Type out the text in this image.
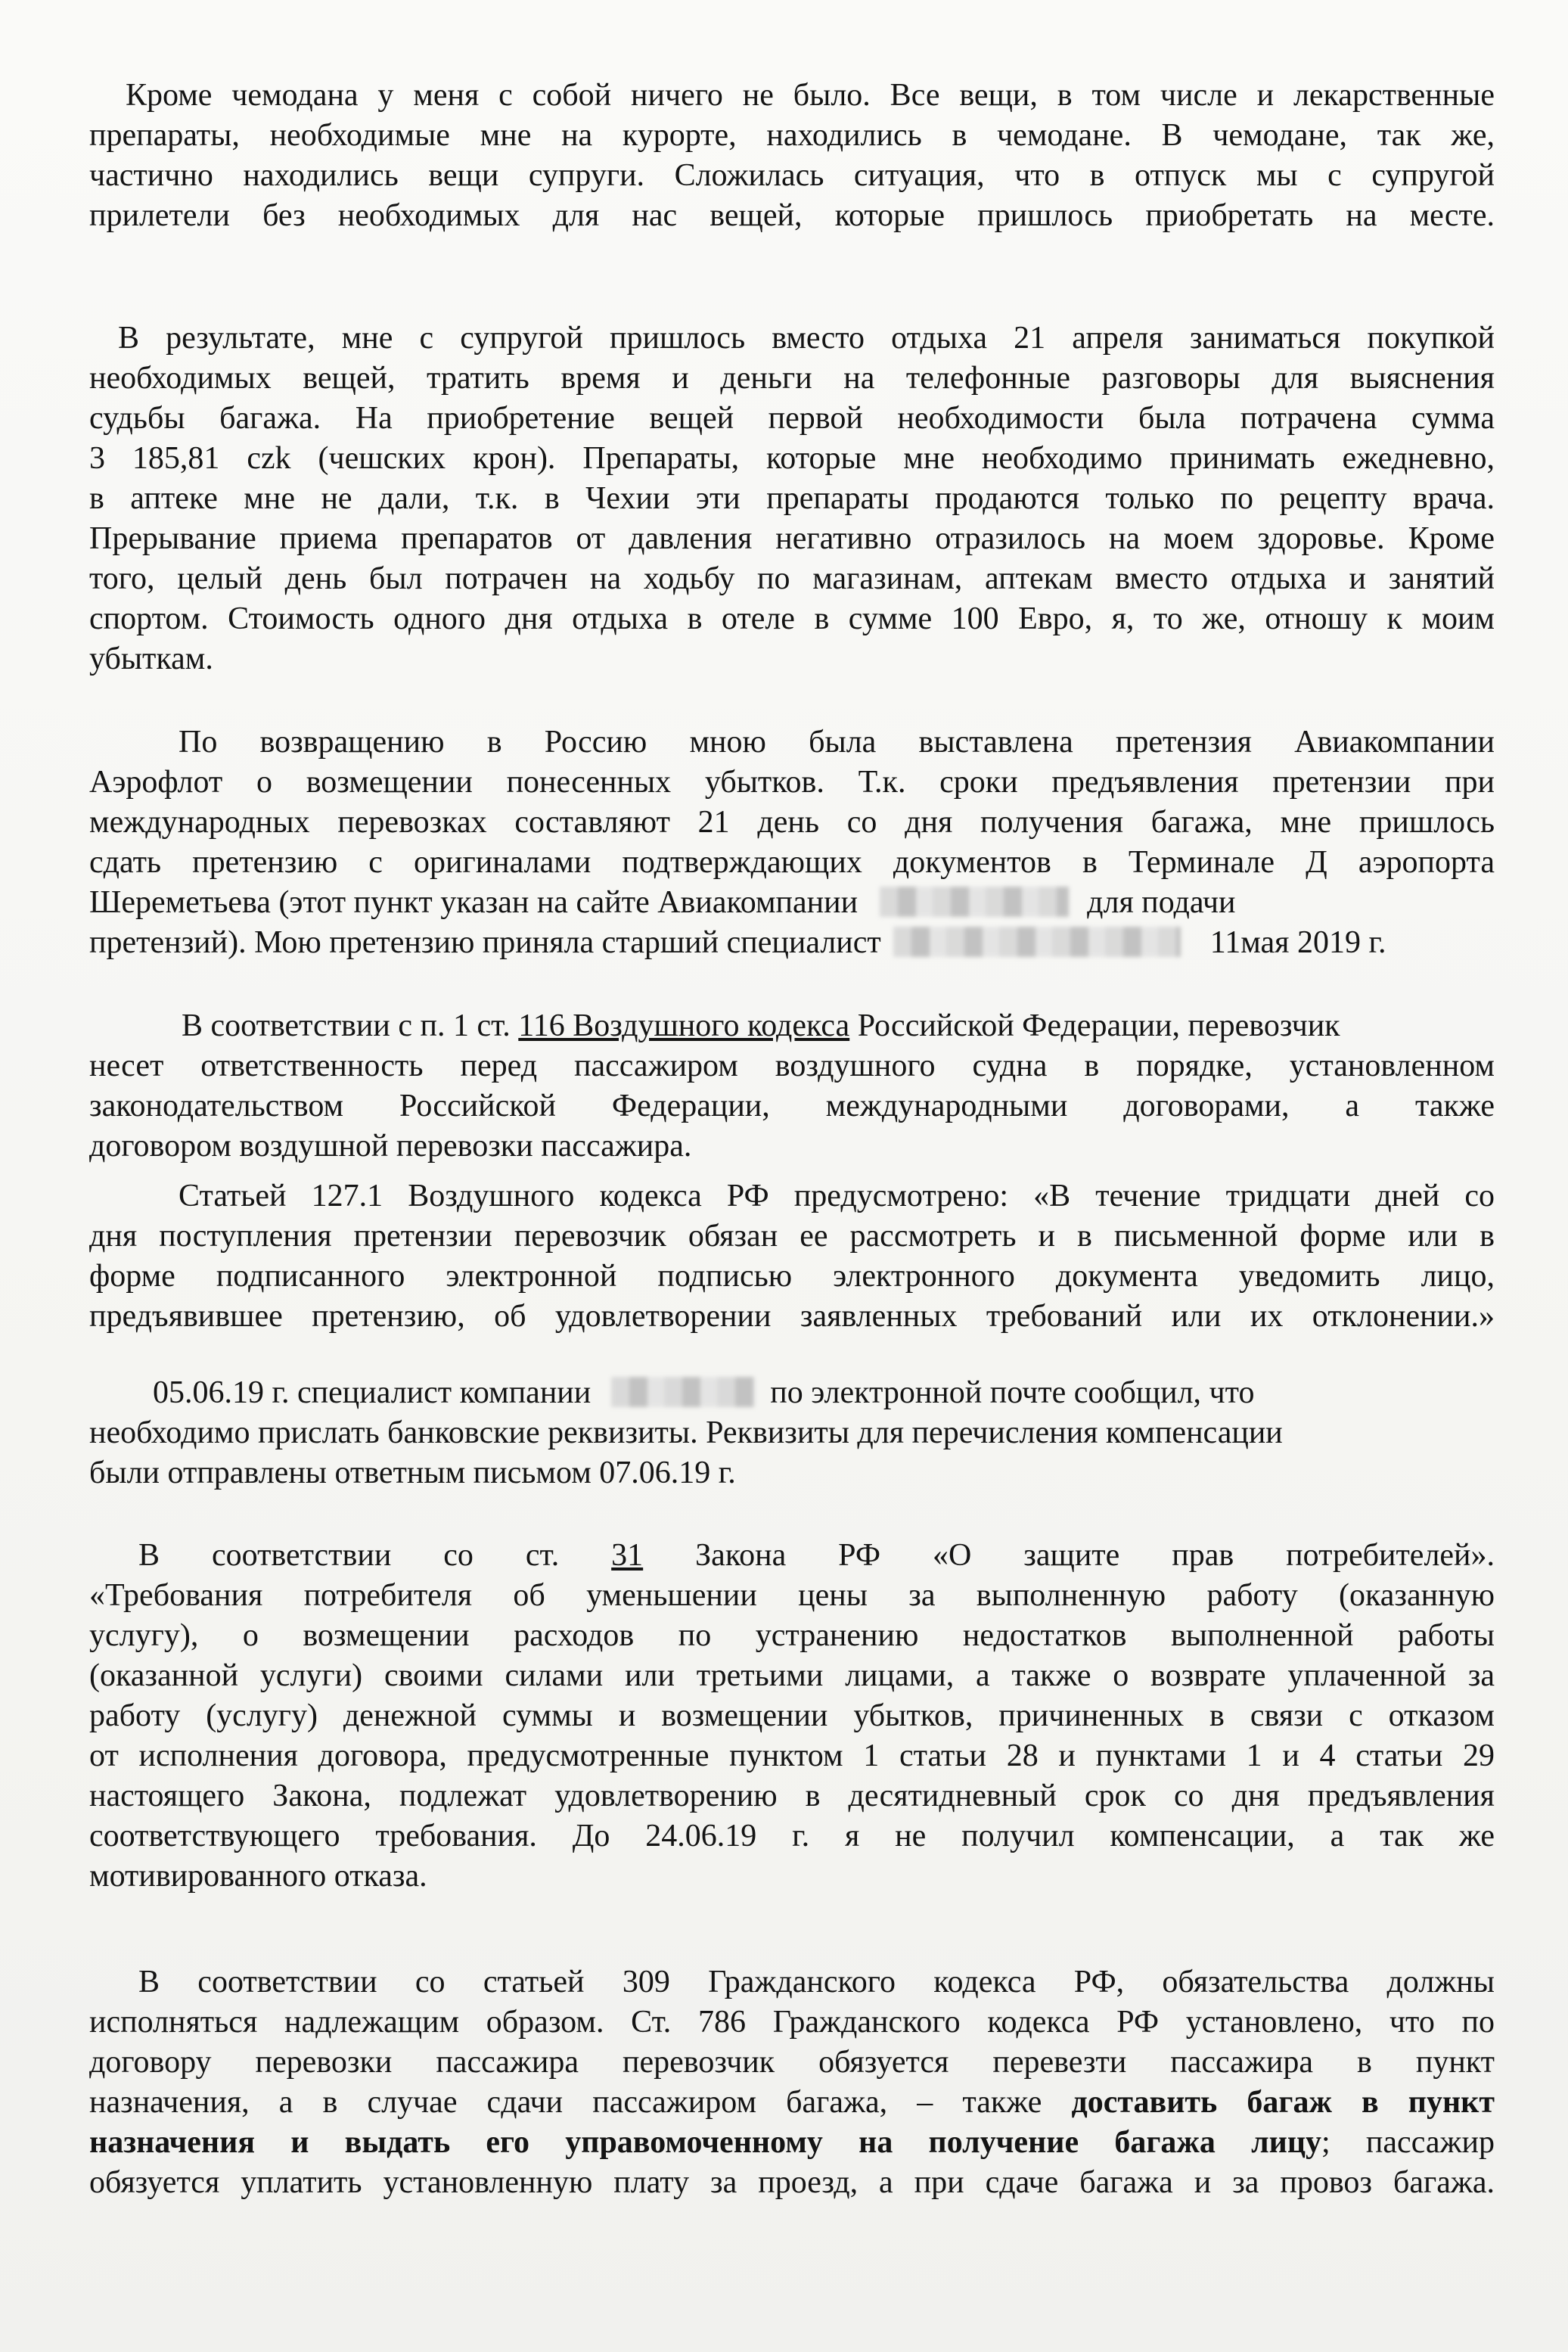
Кроме чемодана у меня с собой ничего не было. Все вещи, в том числе и лекарственные
препараты, необходимые мне на курорте, находились в чемодане. В чемодане, так же,
частично находились вещи супруги. Сложилась ситуация, что в отпуск мы с супругой
прилетели без необходимых для нас вещей, которые пришлось приобретать на месте.
В результате, мне с супругой пришлось вместо отдыха 21 апреля заниматься покупкой
необходимых вещей, тратить время и деньги на телефонные разговоры для выяснения
судьбы багажа. На приобретение вещей первой необходимости была потрачена сумма
3 185,81 czk (чешских крон). Препараты, которые мне необходимо принимать ежедневно,
в аптеке мне не дали, т.к. в Чехии эти препараты продаются только по рецепту врача.
Прерывание приема препаратов от давления негативно отразилось на моем здоровье. Кроме
того, целый день был потрачен на ходьбу по магазинам, аптекам вместо отдыха и занятий
спортом. Стоимость одного дня отдыха в отеле в сумме 100 Евро, я, то же, отношу к моим
убыткам.
По возвращению в Россию мною была выставлена претензия Авиакомпании
Аэрофлот о возмещении понесенных убытков. Т.к. сроки предъявления претензии при
международных перевозках составляют 21 день со дня получения багажа, мне пришлось
сдать претензию с оригиналами подтверждающих документов в Терминале Д аэропорта
Шереметьева (этот пункт указан на сайте Авиакомпании	для подачи
претензий). Мою претензию приняла старший специалист	11мая 2019 г.
В соответствии с п. 1 ст. 116 Воздушного кодекса Российской Федерации, перевозчик
несет ответственность перед пассажиром воздушного судна в порядке, установленном
законодательством Российской Федерации, международными договорами, а также
договором воздушной перевозки пассажира.
Статьей 127.1 Воздушного кодекса РФ предусмотрено: «В течение тридцати дней со
дня поступления претензии перевозчик обязан ее рассмотреть и в письменной форме или в
форме подписанного электронной подписью электронного документа уведомить лицо,
предъявившее претензию, об удовлетворении заявленных требований или их отклонении.»
05.06.19 г. специалист компании	по электронной почте сообщил, что
необходимо прислать банковские реквизиты. Реквизиты для перечисления компенсации
были отправлены ответным письмом 07.06.19 г.
В соответствии со ст. 31 Закона РФ «О защите прав потребителей».
«Требования потребителя об уменьшении цены за выполненную работу (оказанную
услугу), о возмещении расходов по устранению недостатков выполненной работы
(оказанной услуги) своими силами или третьими лицами, а также о возврате уплаченной за
работу (услугу) денежной суммы и возмещении убытков, причиненных в связи с отказом
от исполнения договора, предусмотренные пунктом 1 статьи 28 и пунктами 1 и 4 статьи 29
настоящего Закона, подлежат удовлетворению в десятидневный срок со дня предъявления
соответствующего требования. До 24.06.19 г. я не получил компенсации, а так же
мотивированного отказа.
В соответствии со статьей 309 Гражданского кодекса РФ, обязательства должны
исполняться надлежащим образом. Ст. 786 Гражданского кодекса РФ установлено, что по
договору перевозки пассажира перевозчик обязуется перевезти пассажира в пункт
назначения, а в случае сдачи пассажиром багажа, – также доставить багаж в пункт
назначения и выдать его управомоченному на получение багажа лицу; пассажир
обязуется уплатить установленную плату за проезд, а при сдаче багажа и за провоз багажа.
